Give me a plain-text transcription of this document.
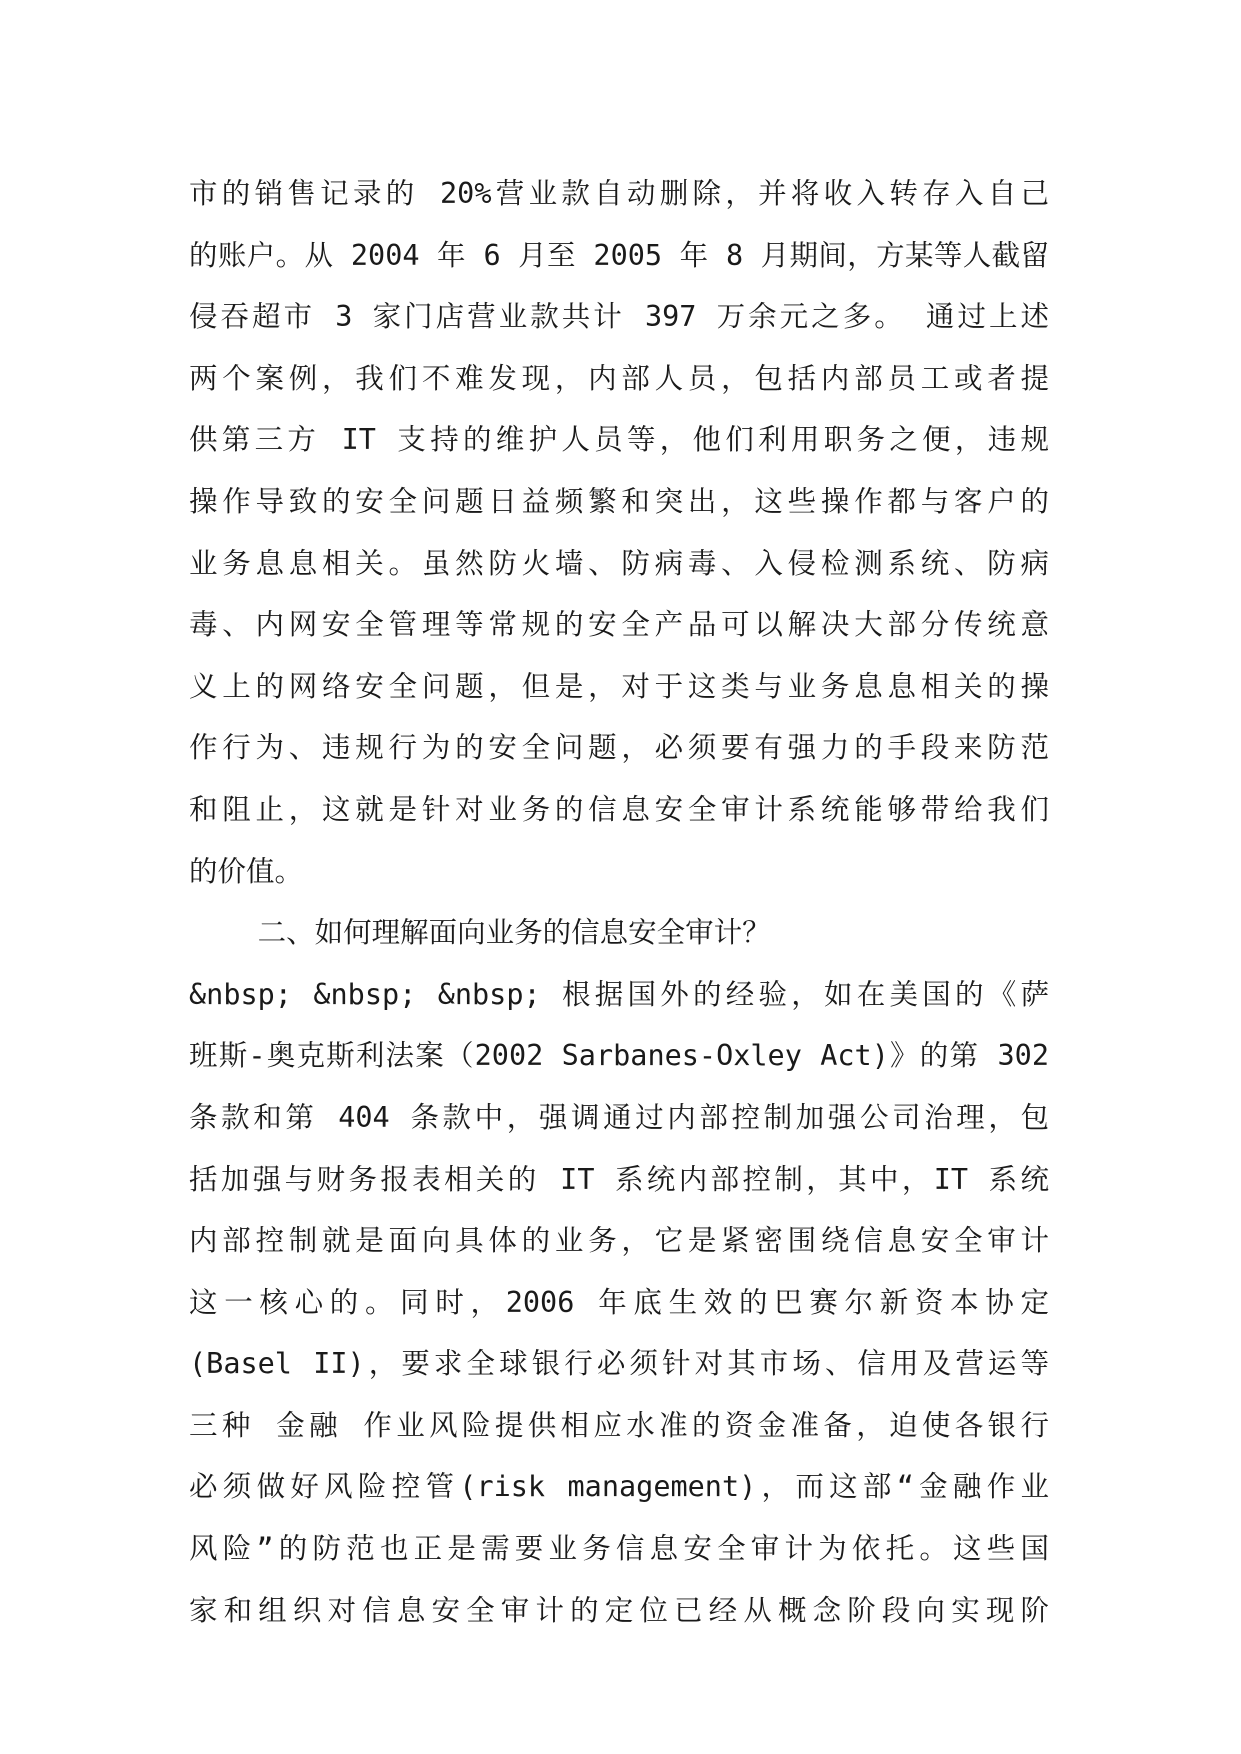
市的销售记录的 20%营业款自动删除，并将收入转存入自己
的账户。从 2004 年 6 月至 2005 年 8 月期间，方某等人截留
侵吞超市 3 家门店营业款共计 397 万余元之多。 通过上述
两个案例，我们不难发现，内部人员，包括内部员工或者提
供第三方 IT 支持的维护人员等，他们利用职务之便，违规
操作导致的安全问题日益频繁和突出，这些操作都与客户的
业务息息相关。虽然防火墙、防病毒、入侵检测系统、防病
毒、内网安全管理等常规的安全产品可以解决大部分传统意
义上的网络安全问题，但是，对于这类与业务息息相关的操
作行为、违规行为的安全问题，必须要有强力的手段来防范
和阻止，这就是针对业务的信息安全审计系统能够带给我们
的价值。
二、如何理解面向业务的信息安全审计？
&nbsp; &nbsp; &nbsp; 根据国外的经验，如在美国的《萨
班斯-奥克斯利法案（2002 Sarbanes-Oxley Act)》的第 302
条款和第 404 条款中，强调通过内部控制加强公司治理，包
括加强与财务报表相关的 IT 系统内部控制，其中，IT 系统
内部控制就是面向具体的业务，它是紧密围绕信息安全审计
这一核心的。同时，2006 年底生效的巴赛尔新资本协定
(Basel II)，要求全球银行必须针对其市场、信用及营运等
三种 金融 作业风险提供相应水准的资金准备，迫使各银行
必须做好风险控管(risk management)，而这部“金融作业
风险”的防范也正是需要业务信息安全审计为依托。这些国
家和组织对信息安全审计的定位已经从概念阶段向实现阶
